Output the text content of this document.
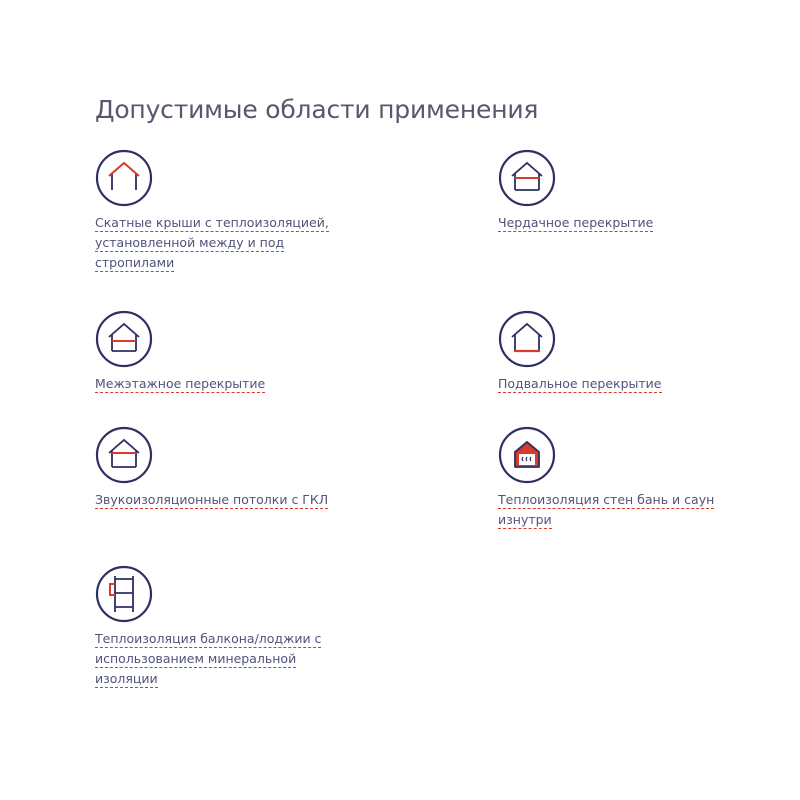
Допустимые области применения
Скатные крыши с теплоизоляцией, установленной между и под стропилами
Чердачное перекрытие
Межэтажное перекрытие	Подвальное перекрытие
Звукоизоляционные потолки с ГКЛ	Теплоизоляция стен бань и саун изнутри
Теплоизоляция балкона/лоджии с использованием минеральной изоляции
